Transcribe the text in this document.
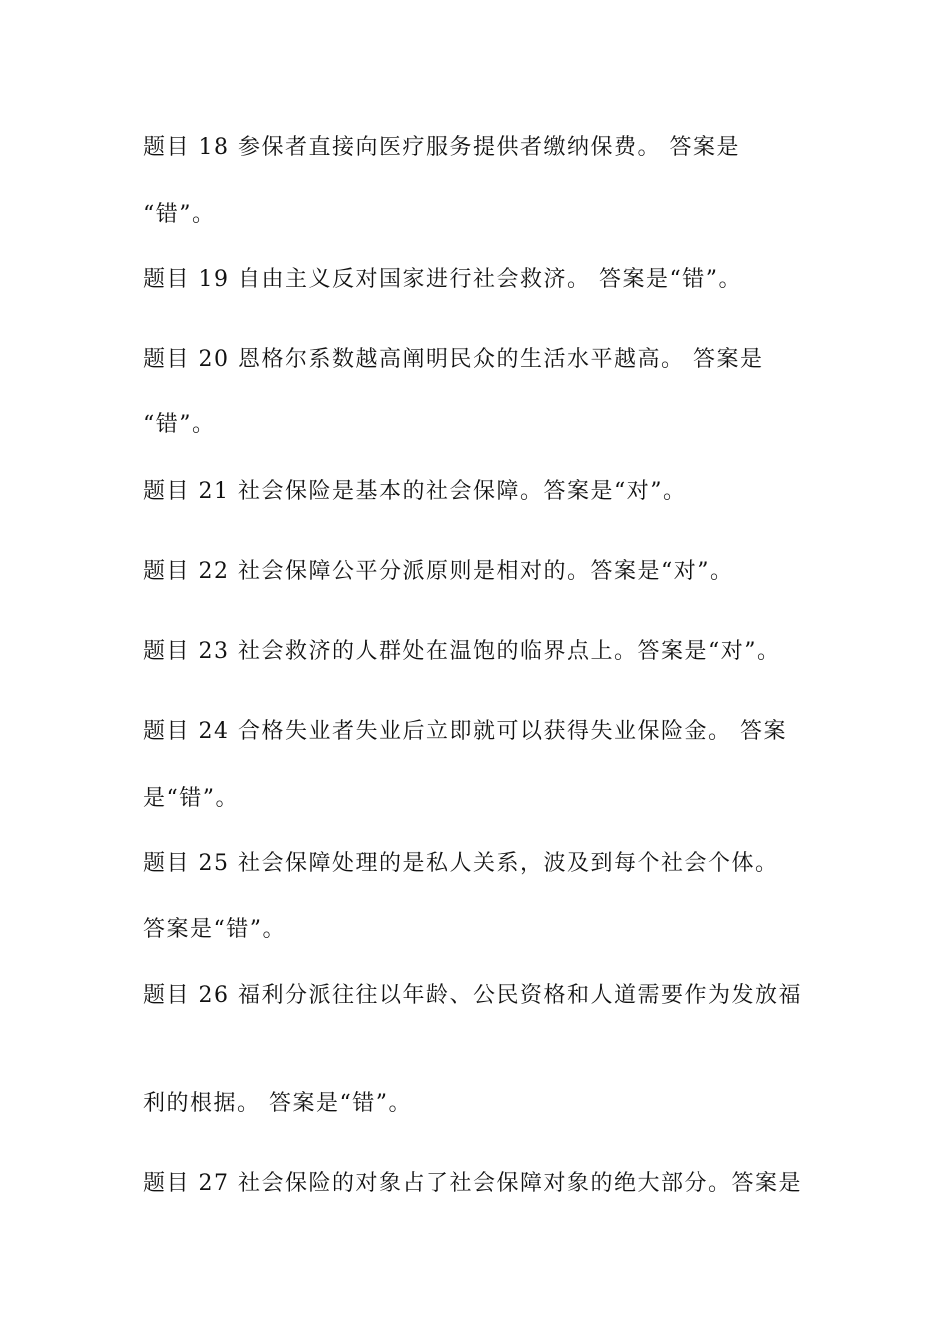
题目 18 参保者直接向医疗服务提供者缴纳保费。 答案是
“错”。
题目 19 自由主义反对国家进行社会救济。 答案是“错”。
题目 20 恩格尔系数越高阐明民众的生活水平越高。 答案是
“错”。
题目 21 社会保险是基本的社会保障。答案是“对”。
题目 22 社会保障公平分派原则是相对的。答案是“对”。
题目 23 社会救济的人群处在温饱的临界点上。答案是“对”。
题目 24 合格失业者失业后立即就可以获得失业保险金。 答案
是“错”。
题目 25 社会保障处理的是私人关系，波及到每个社会个体。
答案是“错”。
题目 26 福利分派往往以年龄、公民资格和人道需要作为发放福
利的根据。 答案是“错”。
题目 27 社会保险的对象占了社会保障对象的绝大部分。答案是
